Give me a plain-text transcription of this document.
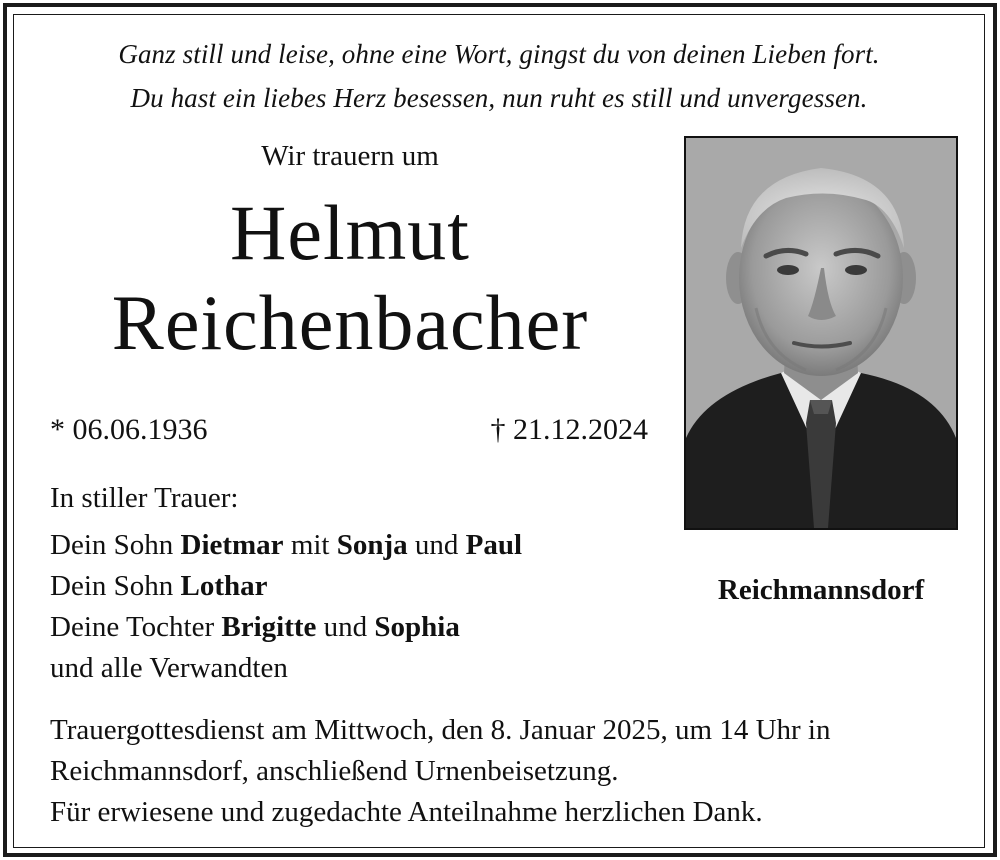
Ganz still und leise, ohne eine Wort, gingst du von deinen Lieben fort.
Du hast ein liebes Herz besessen, nun ruht es still und unvergessen.
Wir trauern um
Helmut
Reichenbacher
* 06.06.1936	† 21.12.2024
In stiller Trauer:
Dein Sohn Dietmar mit Sonja und Paul
Dein Sohn Lothar
Deine Tochter Brigitte und Sophia
und alle Verwandten
Reichmannsdorf
Trauergottesdienst am Mittwoch, den 8. Januar 2025, um 14 Uhr in
Reichmannsdorf, anschließend Urnenbeisetzung.
Für erwiesene und zugedachte Anteilnahme herzlichen Dank.
